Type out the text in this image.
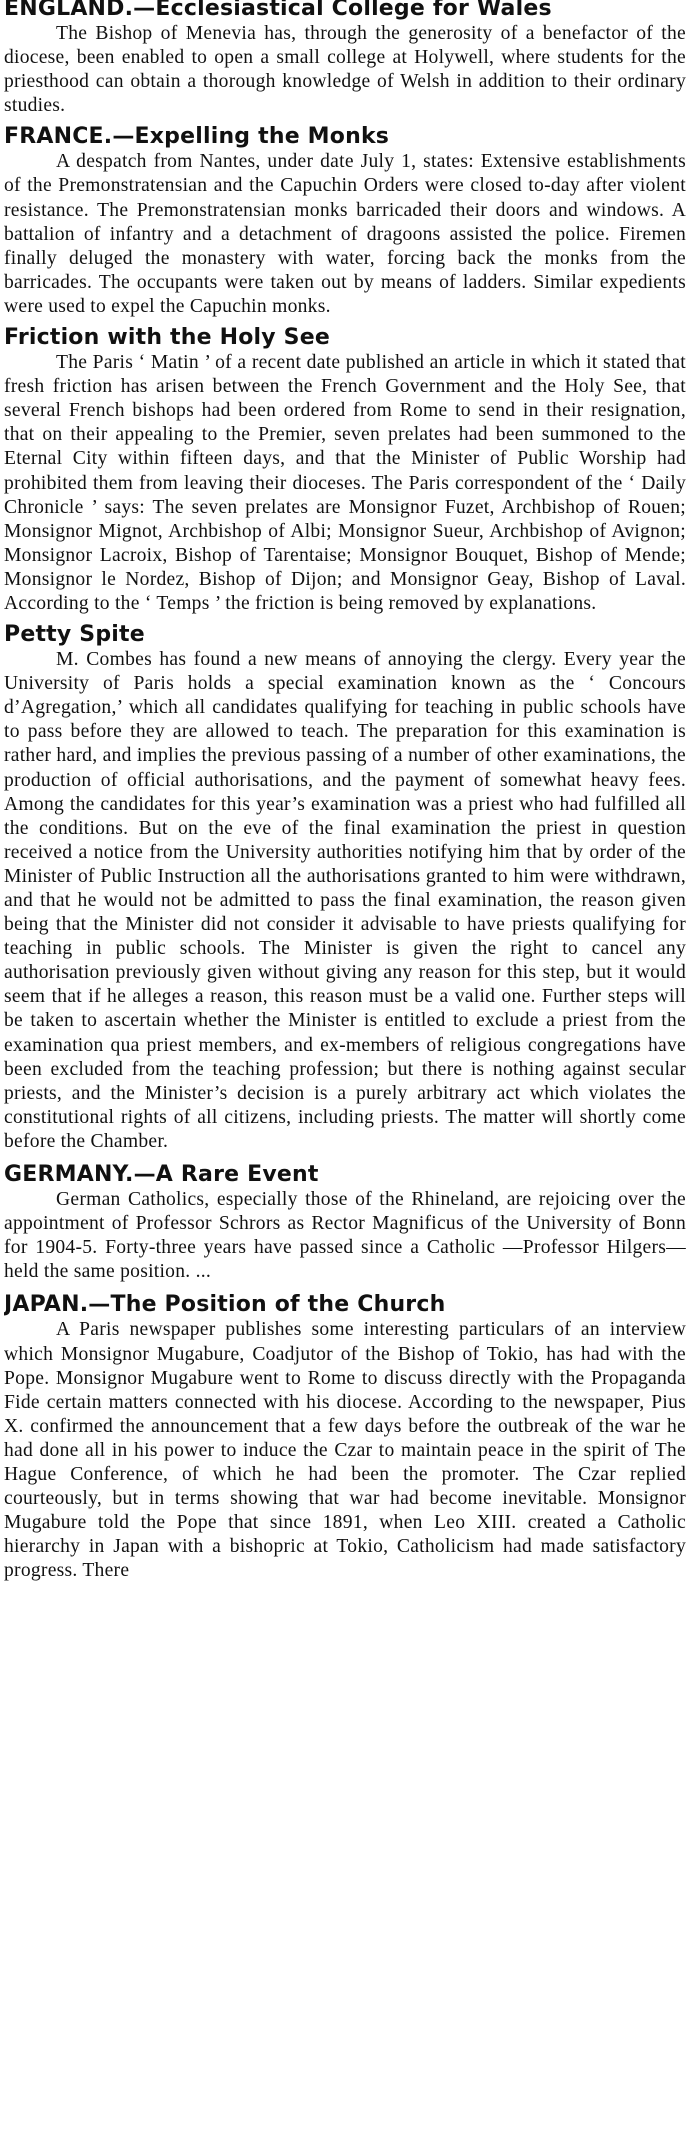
ENGLAND.—Ecclesiastical College for Wales

The Bishop of Menevia has, through the generosity of a benefactor of the diocese, been enabled to open a small college at Holywell, where students for the priesthood can obtain a thorough knowledge of Welsh in addition to their ordinary studies.

FRANCE.—Expelling the Monks

A despatch from Nantes, under date July 1, states: Extensive establishments of the Premonstratensian and the Capuchin Orders were closed to-day after violent resistance. The Premonstratensian monks barricaded their doors and windows. A battalion of infantry and a detachment of dragoons assisted the police. Firemen finally deluged the monastery with water, forcing back the monks from the barricades. The occupants were taken out by means of ladders. Similar expedients were used to expel the Capuchin monks.

Friction with the Holy See

The Paris ‘ Matin ’ of a recent date published an article in which it stated that fresh friction has arisen between the French Government and the Holy See, that several French bishops had been ordered from Rome to send in their resignation, that on their appealing to the Premier, seven prelates had been summoned to the Eternal City within fifteen days, and that the Minister of Public Worship had prohibited them from leaving their dioceses. The Paris correspondent of the ‘ Daily Chronicle ’ says: The seven prelates are Monsignor Fuzet, Archbishop of Rouen; Monsignor Mignot, Archbishop of Albi; Monsignor Sueur, Archbishop of Avignon; Monsignor Lacroix, Bishop of Tarentaise; Monsignor Bouquet, Bishop of Mende; Monsignor le Nordez, Bishop of Dijon; and Monsignor Geay, Bishop of Laval. According to the ‘ Temps ’ the friction is being removed by explanations.

Petty Spite

M. Combes has found a new means of annoying the clergy. Every year the University of Paris holds a special examination known as the ‘ Concours d’Agregation,’ which all candidates qualifying for teaching in public schools have to pass before they are allowed to teach. The preparation for this examination is rather hard, and implies the previous passing of a number of other examinations, the production of official authorisations, and the payment of somewhat heavy fees. Among the candidates for this year’s examination was a priest who had fulfilled all the conditions. But on the eve of the final examination the priest in question received a notice from the University authorities notifying him that by order of the Minister of Public Instruction all the authorisations granted to him were withdrawn, and that he would not be admitted to pass the final examination, the reason given being that the Minister did not consider it advisable to have priests qualifying for teaching in public schools. The Minister is given the right to cancel any authorisation previously given without giving any reason for this step, but it would seem that if he alleges a reason, this reason must be a valid one. Further steps will be taken to ascertain whether the Minister is entitled to exclude a priest from the examination qua priest members, and ex-members of religious congregations have been excluded from the teaching profession; but there is nothing against secular priests, and the Minister’s decision is a purely arbitrary act which violates the constitutional rights of all citizens, including priests. The matter will shortly come before the Chamber.

GERMANY.—A Rare Event

German Catholics, especially those of the Rhineland, are rejoicing over the appointment of Professor Schrors as Rector Magnificus of the University of Bonn for 1904-5. Forty-three years have passed since a Catholic —Professor Hilgers—held the same position. ...

JAPAN.—The Position of the Church

A Paris newspaper publishes some interesting particulars of an interview which Monsignor Mugabure, Coadjutor of the Bishop of Tokio, has had with the Pope. Monsignor Mugabure went to Rome to discuss directly with the Propaganda Fide certain matters connected with his diocese. According to the newspaper, Pius X. confirmed the announcement that a few days before the outbreak of the war he had done all in his power to induce the Czar to maintain peace in the spirit of The Hague Conference, of which he had been the promoter. The Czar replied courteously, but in terms showing that war had become inevitable. Monsignor Mugabure told the Pope that since 1891, when Leo XIII. created a Catholic hierarchy in Japan with a bishopric at Tokio, Catholicism had made satisfactory progress. There
